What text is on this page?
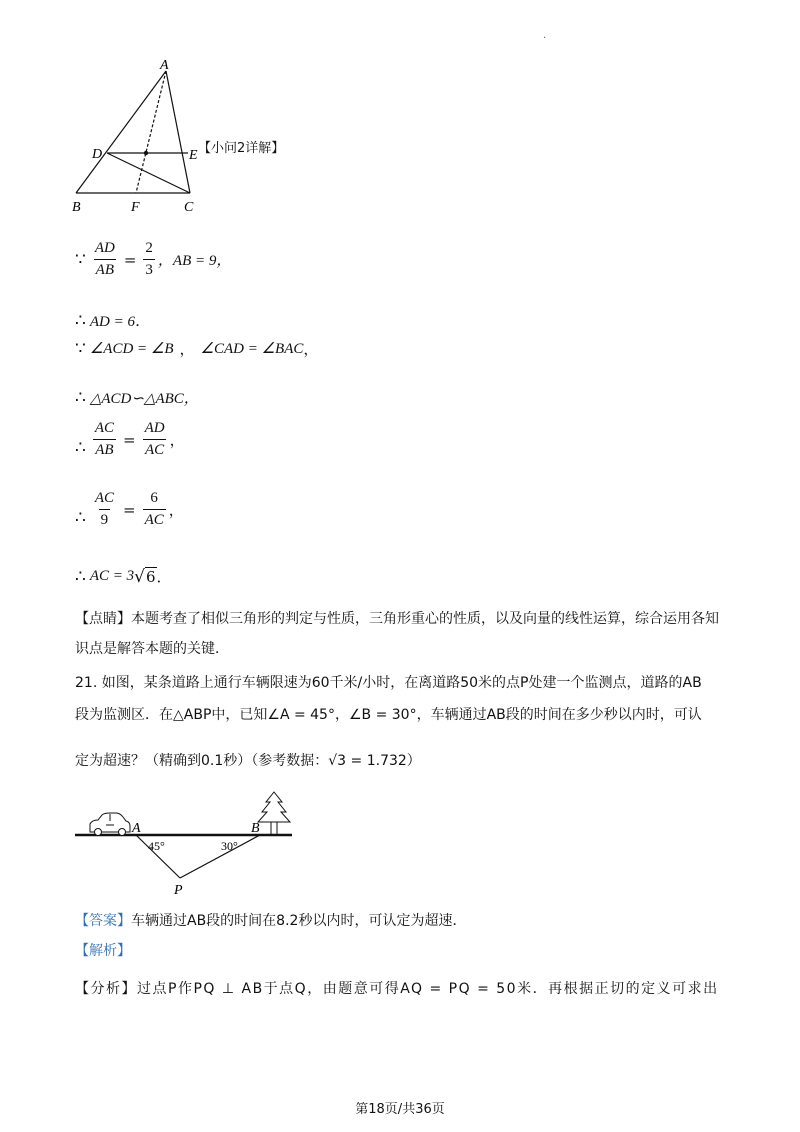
.
A
D	E
B	F	C
【小问2详解】
∵ $\frac{AD}{AB} = \frac{2}{3}$ ，AB = 9，
∴ AD = 6．
∵ ∠ACD = ∠B ， ∠CAD = ∠BAC ，
∴ △ACD∽△ABC，
∴ $\frac{AC}{AB} = \frac{AD}{AC}$ ，
∴ $\frac{AC}{9} = \frac{6}{AC}$ ，
∴ AC = 3 √ 6 ．
【点睛】本题考查了相似三角形的判定与性质，三角形重心的性质，以及向量的线性运算，综合运用各知识点是解答本题的关键．
21. 如图，某条道路上通行车辆限速为60千米/小时，在离道路50米的点P处建一个监测点，道路的AB
段为监测区．在△ABP中，已知∠A = 45°，∠B = 30°，车辆通过AB段的时间在多少秒以内时，可认
定为超速？（精确到0.1秒）（参考数据：√3 = 1.732）
A	B
P
45°	30°
【答案】车辆通过AB段的时间在8.2秒以内时，可认定为超速．
【解析】
【分析】过点P作PQ ⊥ AB于点Q，由题意可得AQ = PQ = 50米．再根据正切的定义可求出
第18页/共36页
